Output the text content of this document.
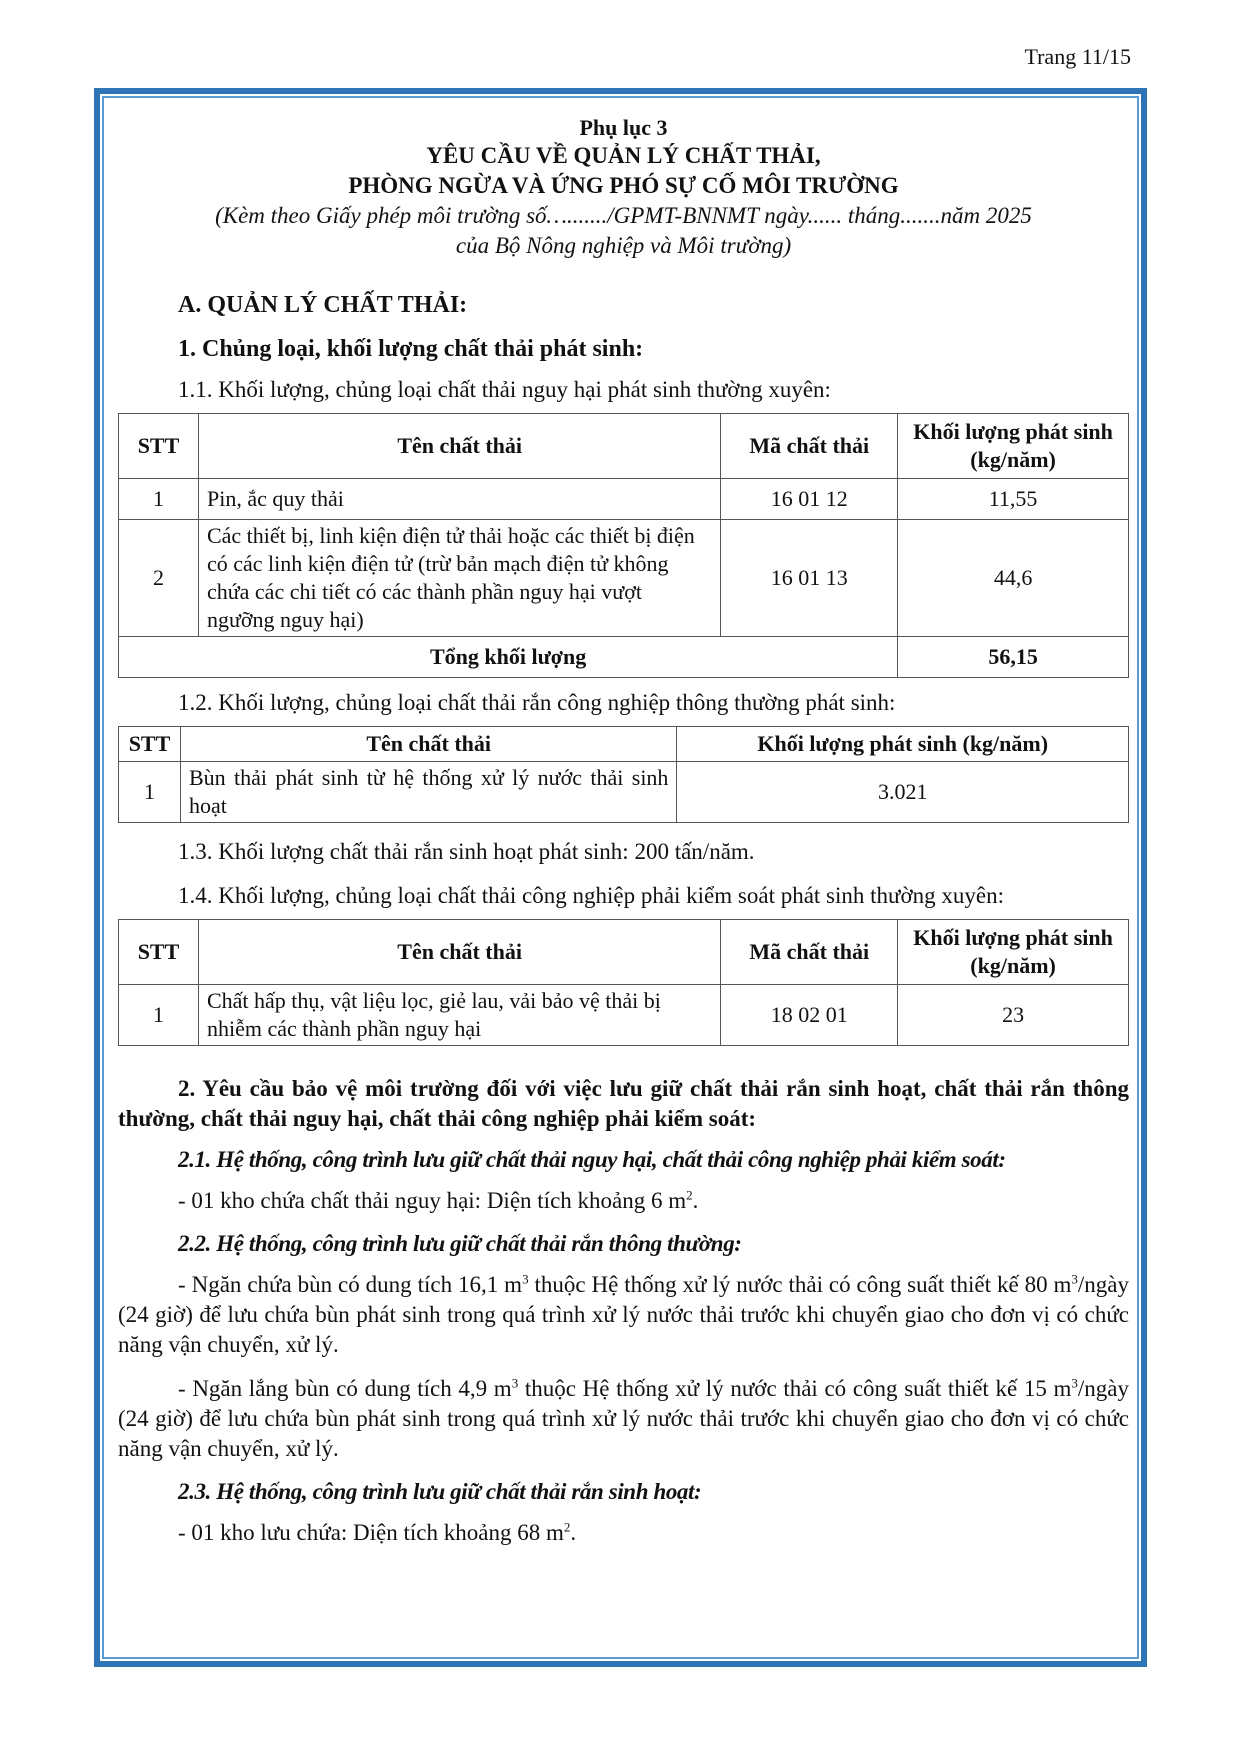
Trang 11/15
Phụ lục 3
YÊU CẦU VỀ QUẢN LÝ CHẤT THẢI,
PHÒNG NGỪA VÀ ỨNG PHÓ SỰ CỐ MÔI TRƯỜNG
(Kèm theo Giấy phép môi trường số…......./GPMT-BNNMT ngày...... tháng.......năm 2025
của Bộ Nông nghiệp và Môi trường)
A. QUẢN LÝ CHẤT THẢI:
1. Chủng loại, khối lượng chất thải phát sinh:
1.1. Khối lượng, chủng loại chất thải nguy hại phát sinh thường xuyên:
STT	Tên chất thải	Mã chất thải	Khối lượng phát sinh (kg/năm)
1	Pin, ắc quy thải	16 01 12	11,55
2	Các thiết bị, linh kiện điện tử thải hoặc các thiết bị điện có các linh kiện điện tử (trừ bản mạch điện tử không chứa các chi tiết có các thành phần nguy hại vượt ngưỡng nguy hại)	16 01 13	44,6
Tổng khối lượng			56,15
1.2. Khối lượng, chủng loại chất thải rắn công nghiệp thông thường phát sinh:
STT	Tên chất thải	Khối lượng phát sinh (kg/năm)
1	Bùn thải phát sinh từ hệ thống xử lý nước thải sinh hoạt	3.021
1.3. Khối lượng chất thải rắn sinh hoạt phát sinh: 200 tấn/năm.
1.4. Khối lượng, chủng loại chất thải công nghiệp phải kiểm soát phát sinh thường xuyên:
STT	Tên chất thải	Mã chất thải	Khối lượng phát sinh (kg/năm)
1	Chất hấp thụ, vật liệu lọc, giẻ lau, vải bảo vệ thải bị nhiễm các thành phần nguy hại	18 02 01	23
2. Yêu cầu bảo vệ môi trường đối với việc lưu giữ chất thải rắn sinh hoạt, chất thải rắn thông thường, chất thải nguy hại, chất thải công nghiệp phải kiểm soát:
2.1. Hệ thống, công trình lưu giữ chất thải nguy hại, chất thải công nghiệp phải kiểm soát:
- 01 kho chứa chất thải nguy hại: Diện tích khoảng 6 $m^2$.
2.2. Hệ thống, công trình lưu giữ chất thải rắn thông thường:
- Ngăn chứa bùn có dung tích 16,1 $m^3$ thuộc Hệ thống xử lý nước thải có công suất thiết kế 80 $m^3$/ngày (24 giờ) để lưu chứa bùn phát sinh trong quá trình xử lý nước thải trước khi chuyển giao cho đơn vị có chức năng vận chuyển, xử lý.
- Ngăn lắng bùn có dung tích 4,9 $m^3$ thuộc Hệ thống xử lý nước thải có công suất thiết kế 15 $m^3$/ngày (24 giờ) để lưu chứa bùn phát sinh trong quá trình xử lý nước thải trước khi chuyển giao cho đơn vị có chức năng vận chuyển, xử lý.
2.3. Hệ thống, công trình lưu giữ chất thải rắn sinh hoạt:
- 01 kho lưu chứa: Diện tích khoảng 68 $m^2$.
